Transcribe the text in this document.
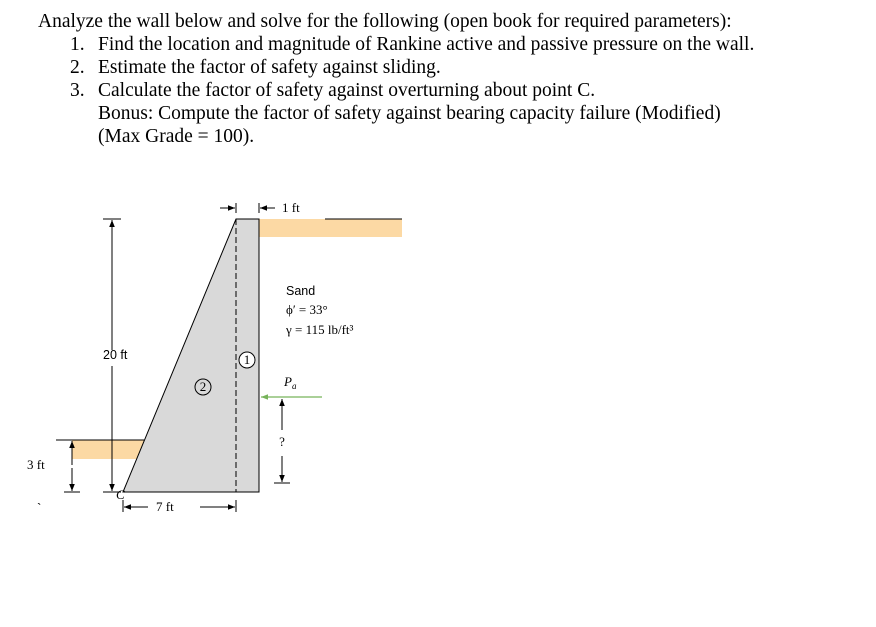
Analyze the wall below and solve for the following (open book for required parameters):
1. Find the location and magnitude of Rankine active and passive pressure on the wall.
2. Estimate the factor of safety against sliding.
3. Calculate the factor of safety against overturning about point C.
Bonus: Compute the factor of safety against bearing capacity failure (Modified)
(Max Grade = 100).
1 ft
20 ft
3 ft
`
C
7 ft
2
1
Sand
ϕ′ = 33°
γ = 115 lb/ft³
$P_a$
?
